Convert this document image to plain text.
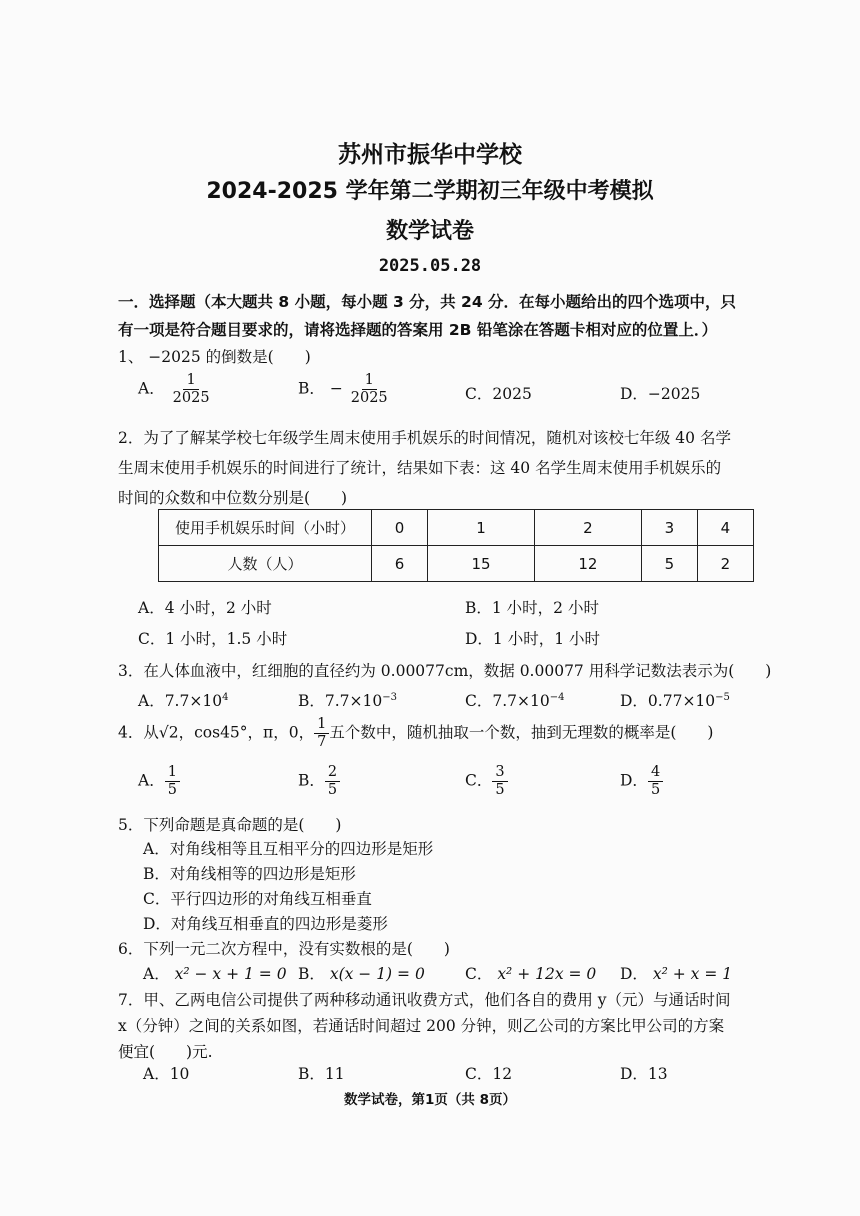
苏州市振华中学校
2024-2025 学年第二学期初三年级中考模拟
数学试卷
2025.05.28
一．选择题（本大题共 8 小题，每小题 3 分，共 24 分．在每小题给出的四个选项中，只
有一项是符合题目要求的，请将选择题的答案用 2B 铅笔涂在答题卡相对应的位置上．）
1、 −2025 的倒数是(　　)
A． $\frac{1}{2025}$	B． − $\frac{1}{2025}$	C．2025	D．−2025
2．为了了解某学校七年级学生周末使用手机娱乐的时间情况，随机对该校七年级 40 名学
生周末使用手机娱乐的时间进行了统计，结果如下表：这 40 名学生周末使用手机娱乐的
时间的众数和中位数分别是(　　)
使用手机娱乐时间（小时）	0	1	2	3	4
人数（人）	6	15	12	5	2
A．4 小时，2 小时	B．1 小时，2 小时
C．1 小时，1.5 小时	D．1 小时，1 小时
3．在人体血液中，红细胞的直径约为 0.00077cm，数据 0.00077 用科学记数法表示为(　　)
A．$7.7\times 10^4$	B．$7.7\times 10^{-3}$	C．$7.7\times 10^{-4}$	D．$0.77\times 10^{-5}$
4．从√2，cos45°，π，0， $\frac{1}{7}$ 五个数中，随机抽取一个数，抽到无理数的概率是(　　)
A． $\frac{1}{5}$	B． $\frac{2}{5}$	C． $\frac{3}{5}$	D． $\frac{4}{5}$
5．下列命题是真命题的是(　　)
A．对角线相等且互相平分的四边形是矩形
B．对角线相等的四边形是矩形
C．平行四边形的对角线互相垂直
D．对角线互相垂直的四边形是菱形
6．下列一元二次方程中，没有实数根的是(　　)
A． x² − x + 1 = 0 B． x(x − 1) = 0	C． x² + 12x = 0 D． x² + x = 1
7．甲、乙两电信公司提供了两种移动通讯收费方式，他们各自的费用 y（元）与通话时间
x（分钟）之间的关系如图，若通话时间超过 200 分钟，则乙公司的方案比甲公司的方案
便宜(　　)元.
A．10	B．11	C．12	D．13
数学试卷，第1页（共 8页）
